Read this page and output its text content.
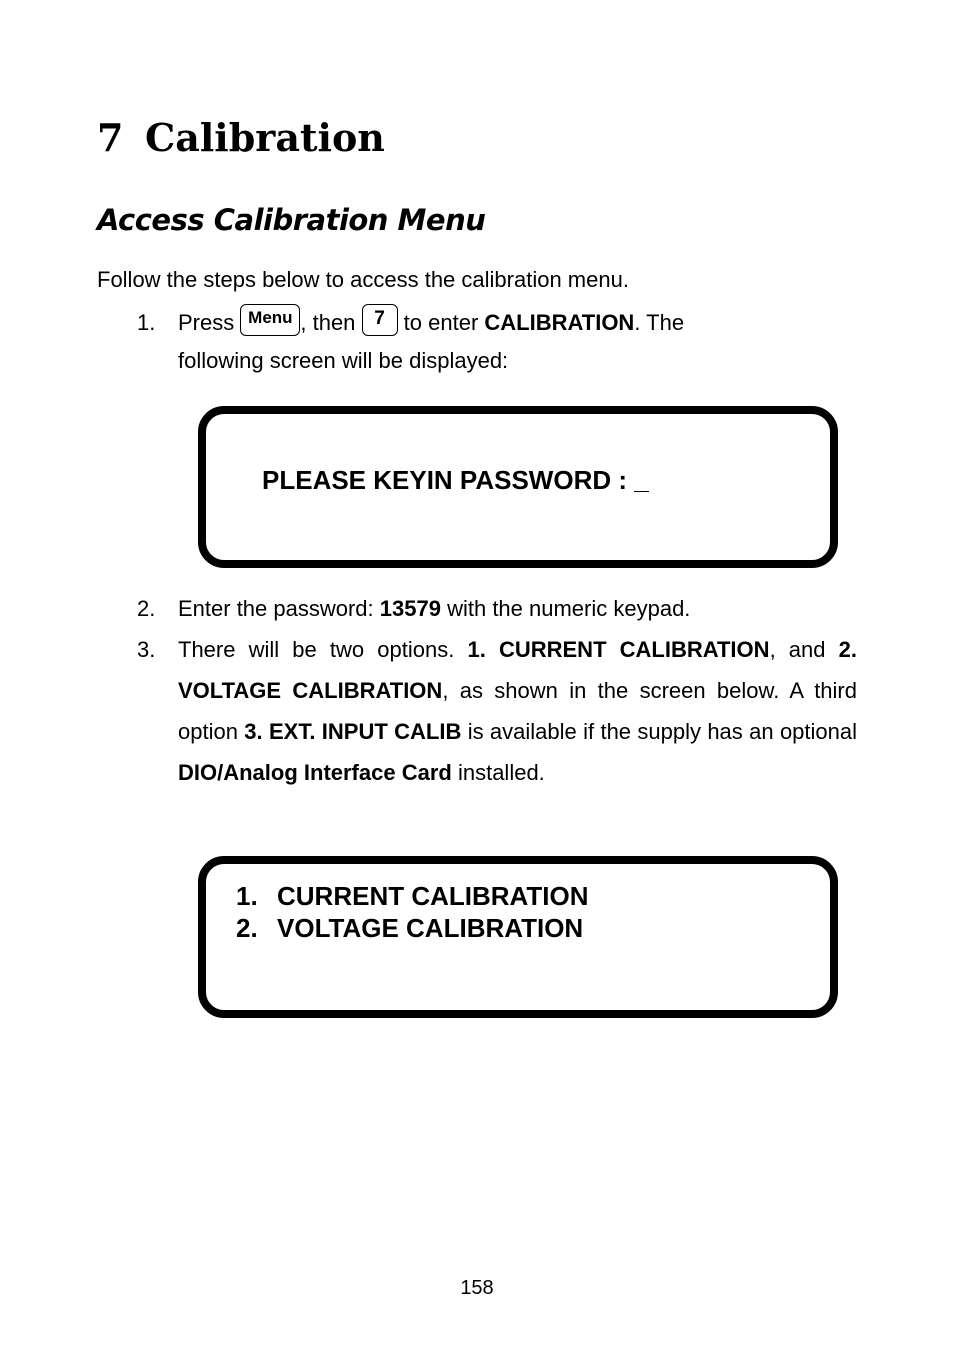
7 Calibration
Access Calibration Menu

Follow the steps below to access the calibration menu.

1. Press Menu , then 7 to enter CALIBRATION. The
following screen will be displayed:
PLEASE KEYIN PASSWORD : _
2. Enter the password: 13579 with the numeric keypad.
3. There will be two options. 1. CURRENT CALIBRATION, and 2. VOLTAGE CALIBRATION, as shown in the screen below. A third option 3. EXT. INPUT CALIB is available if the supply has an optional DIO/Analog Interface Card installed.
1. CURRENT CALIBRATION
2. VOLTAGE CALIBRATION
158
